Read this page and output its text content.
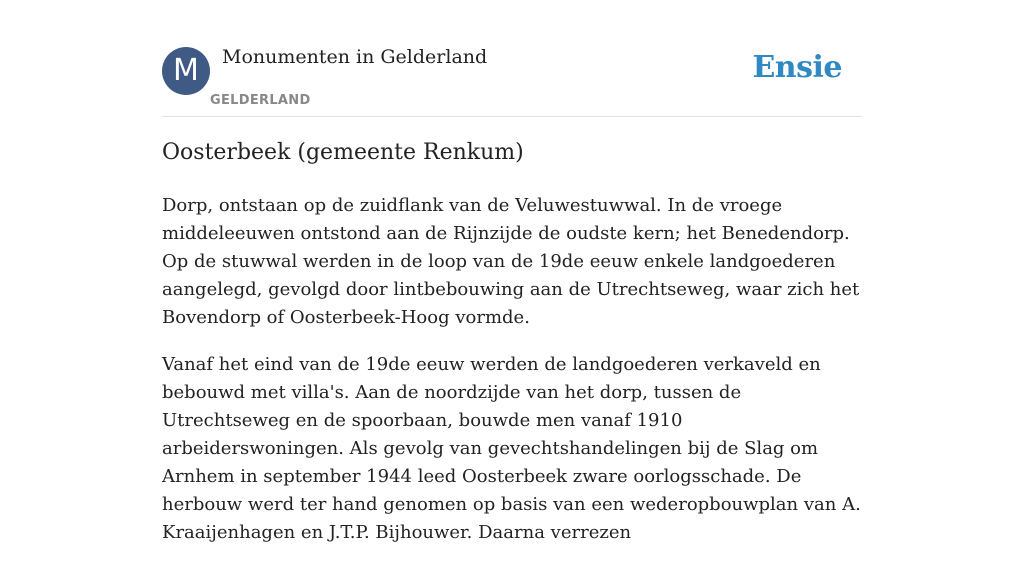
M	Monumenten in Gelderland
GELDERLAND
Ensie
Oosterbeek (gemeente Renkum)

Dorp, ontstaan op de zuidflank van de Veluwestuwwal. In de vroege middeleeuwen ontstond aan de Rijnzijde de oudste kern; het Benedendorp. Op de stuwwal werden in de loop van de 19de eeuw enkele landgoederen aangelegd, gevolgd door lintbebouwing aan de Utrechtseweg, waar zich het Bovendorp of Oosterbeek-Hoog vormde.

Vanaf het eind van de 19de eeuw werden de landgoederen verkaveld en bebouwd met villa's. Aan de noordzijde van het dorp, tussen de Utrechtseweg en de spoorbaan, bouwde men vanaf 1910 arbeiderswoningen. Als gevolg van gevechtshandelingen bij de Slag om Arnhem in september 1944 leed Oosterbeek zware oorlogsschade. De herbouw werd ter hand genomen op basis van een wederopbouwplan van A. Kraaijenhagen en J.T.P. Bijhouwer. Daarna verrezen
